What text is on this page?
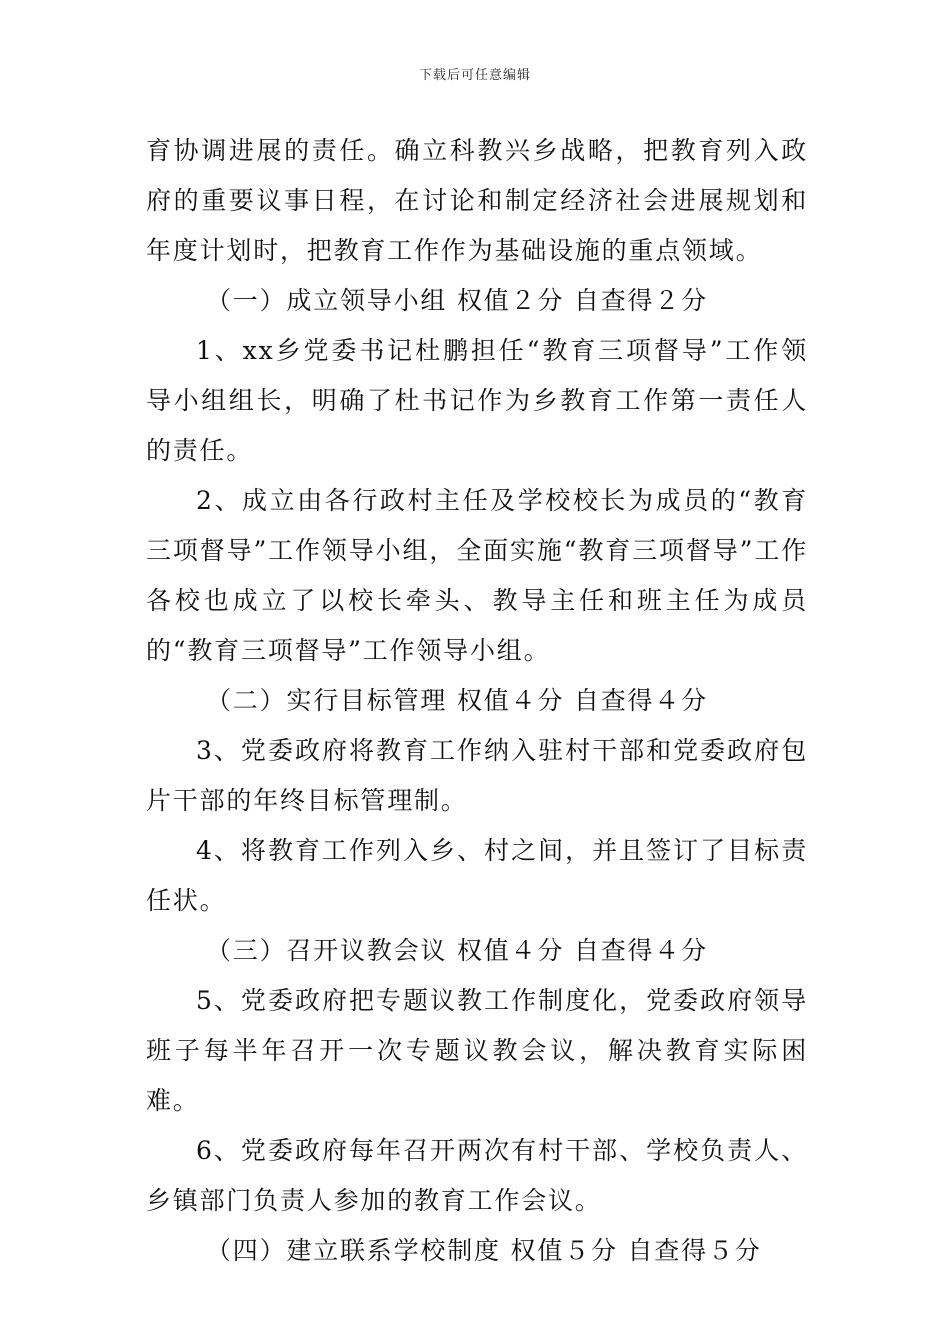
下载后可任意编辑

育协调进展的责任。确立科教兴乡战略，把教育列入政府的重要议事日程，在讨论和制定经济社会进展规划和年度计划时，把教育工作作为基础设施的重点领域。

（一）成立领导小组 权值２分 自查得２分

1、xx乡党委书记杜鹏担任“教育三项督导”工作领导小组组长，明确了杜书记作为乡教育工作第一责任人的责任。

2、成立由各行政村主任及学校校长为成员的“教育三项督导”工作领导小组，全面实施“教育三项督导”工作各校也成立了以校长牵头、教导主任和班主任为成员的“教育三项督导”工作领导小组。

（二）实行目标管理 权值４分 自查得４分

3、党委政府将教育工作纳入驻村干部和党委政府包片干部的年终目标管理制。

4、将教育工作列入乡、村之间，并且签订了目标责任状。

（三）召开议教会议 权值４分 自查得４分

5、党委政府把专题议教工作制度化，党委政府领导班子每半年召开一次专题议教会议，解决教育实际困难。

6、党委政府每年召开两次有村干部、学校负责人、乡镇部门负责人参加的教育工作会议。

（四）建立联系学校制度 权值５分 自查得５分
